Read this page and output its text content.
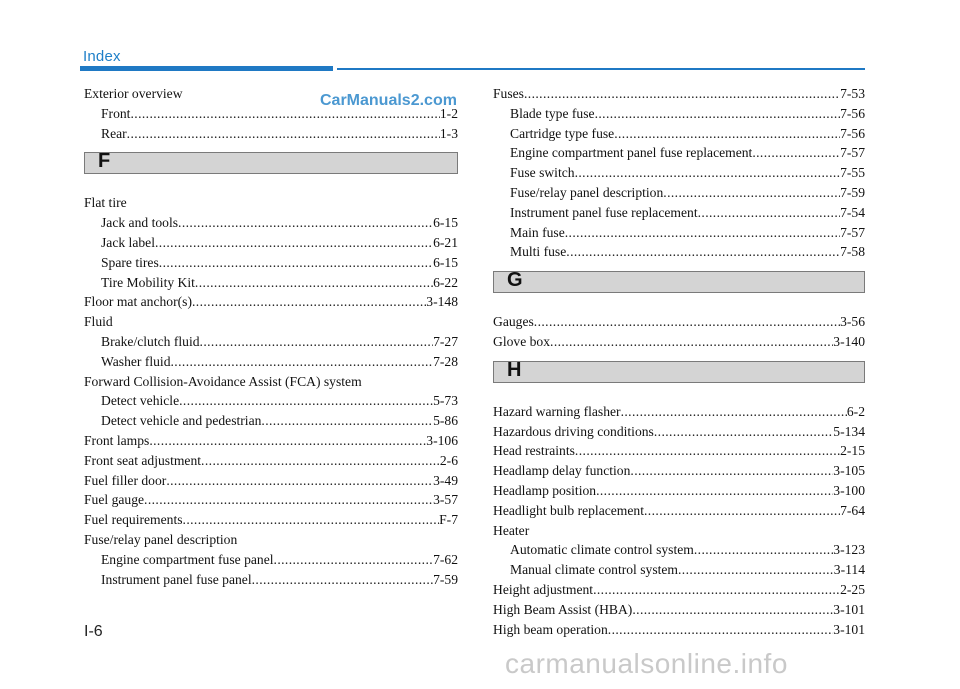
Index
Exterior overview
Front .....	1-2
Rear .....	1-3
F
Flat tire
Jack and tools .....	6-15
Jack label .....	6-21
Spare tires .....	6-15
Tire Mobility Kit .....	6-22
Floor mat anchor(s) .....	3-148
Fluid
Brake/clutch fluid .....	7-27
Washer fluid .....	7-28
Forward Collision-Avoidance Assist (FCA) system
Detect vehicle .....	5-73
Detect vehicle and pedestrian .....	5-86
Front lamps .....	3-106
Front seat adjustment .....	2-6
Fuel filler door .....	3-49
Fuel gauge .....	3-57
Fuel requirements .....	F-7
Fuse/relay panel description
Engine compartment fuse panel .....	7-62
Instrument panel fuse panel .....	7-59
Fuses .....	7-53
Blade type fuse .....	7-56
Cartridge type fuse .....	7-56
Engine compartment panel fuse replacement .....	7-57
Fuse switch .....	7-55
Fuse/relay panel description .....	7-59
Instrument panel fuse replacement .....	7-54
Main fuse .....	7-57
Multi fuse .....	7-58
G
Gauges .....	3-56
Glove box .....	3-140
H
Hazard warning flasher .....	6-2
Hazardous driving conditions .....	5-134
Head restraints .....	2-15
Headlamp delay function .....	3-105
Headlamp position .....	3-100
Headlight bulb replacement .....	7-64
Heater
Automatic climate control system .....	3-123
Manual climate control system .....	3-114
Height adjustment .....	2-25
High Beam Assist (HBA) .....	3-101
High beam operation .....	3-101
CarManuals2.com
I-6
carmanualsonline.info
